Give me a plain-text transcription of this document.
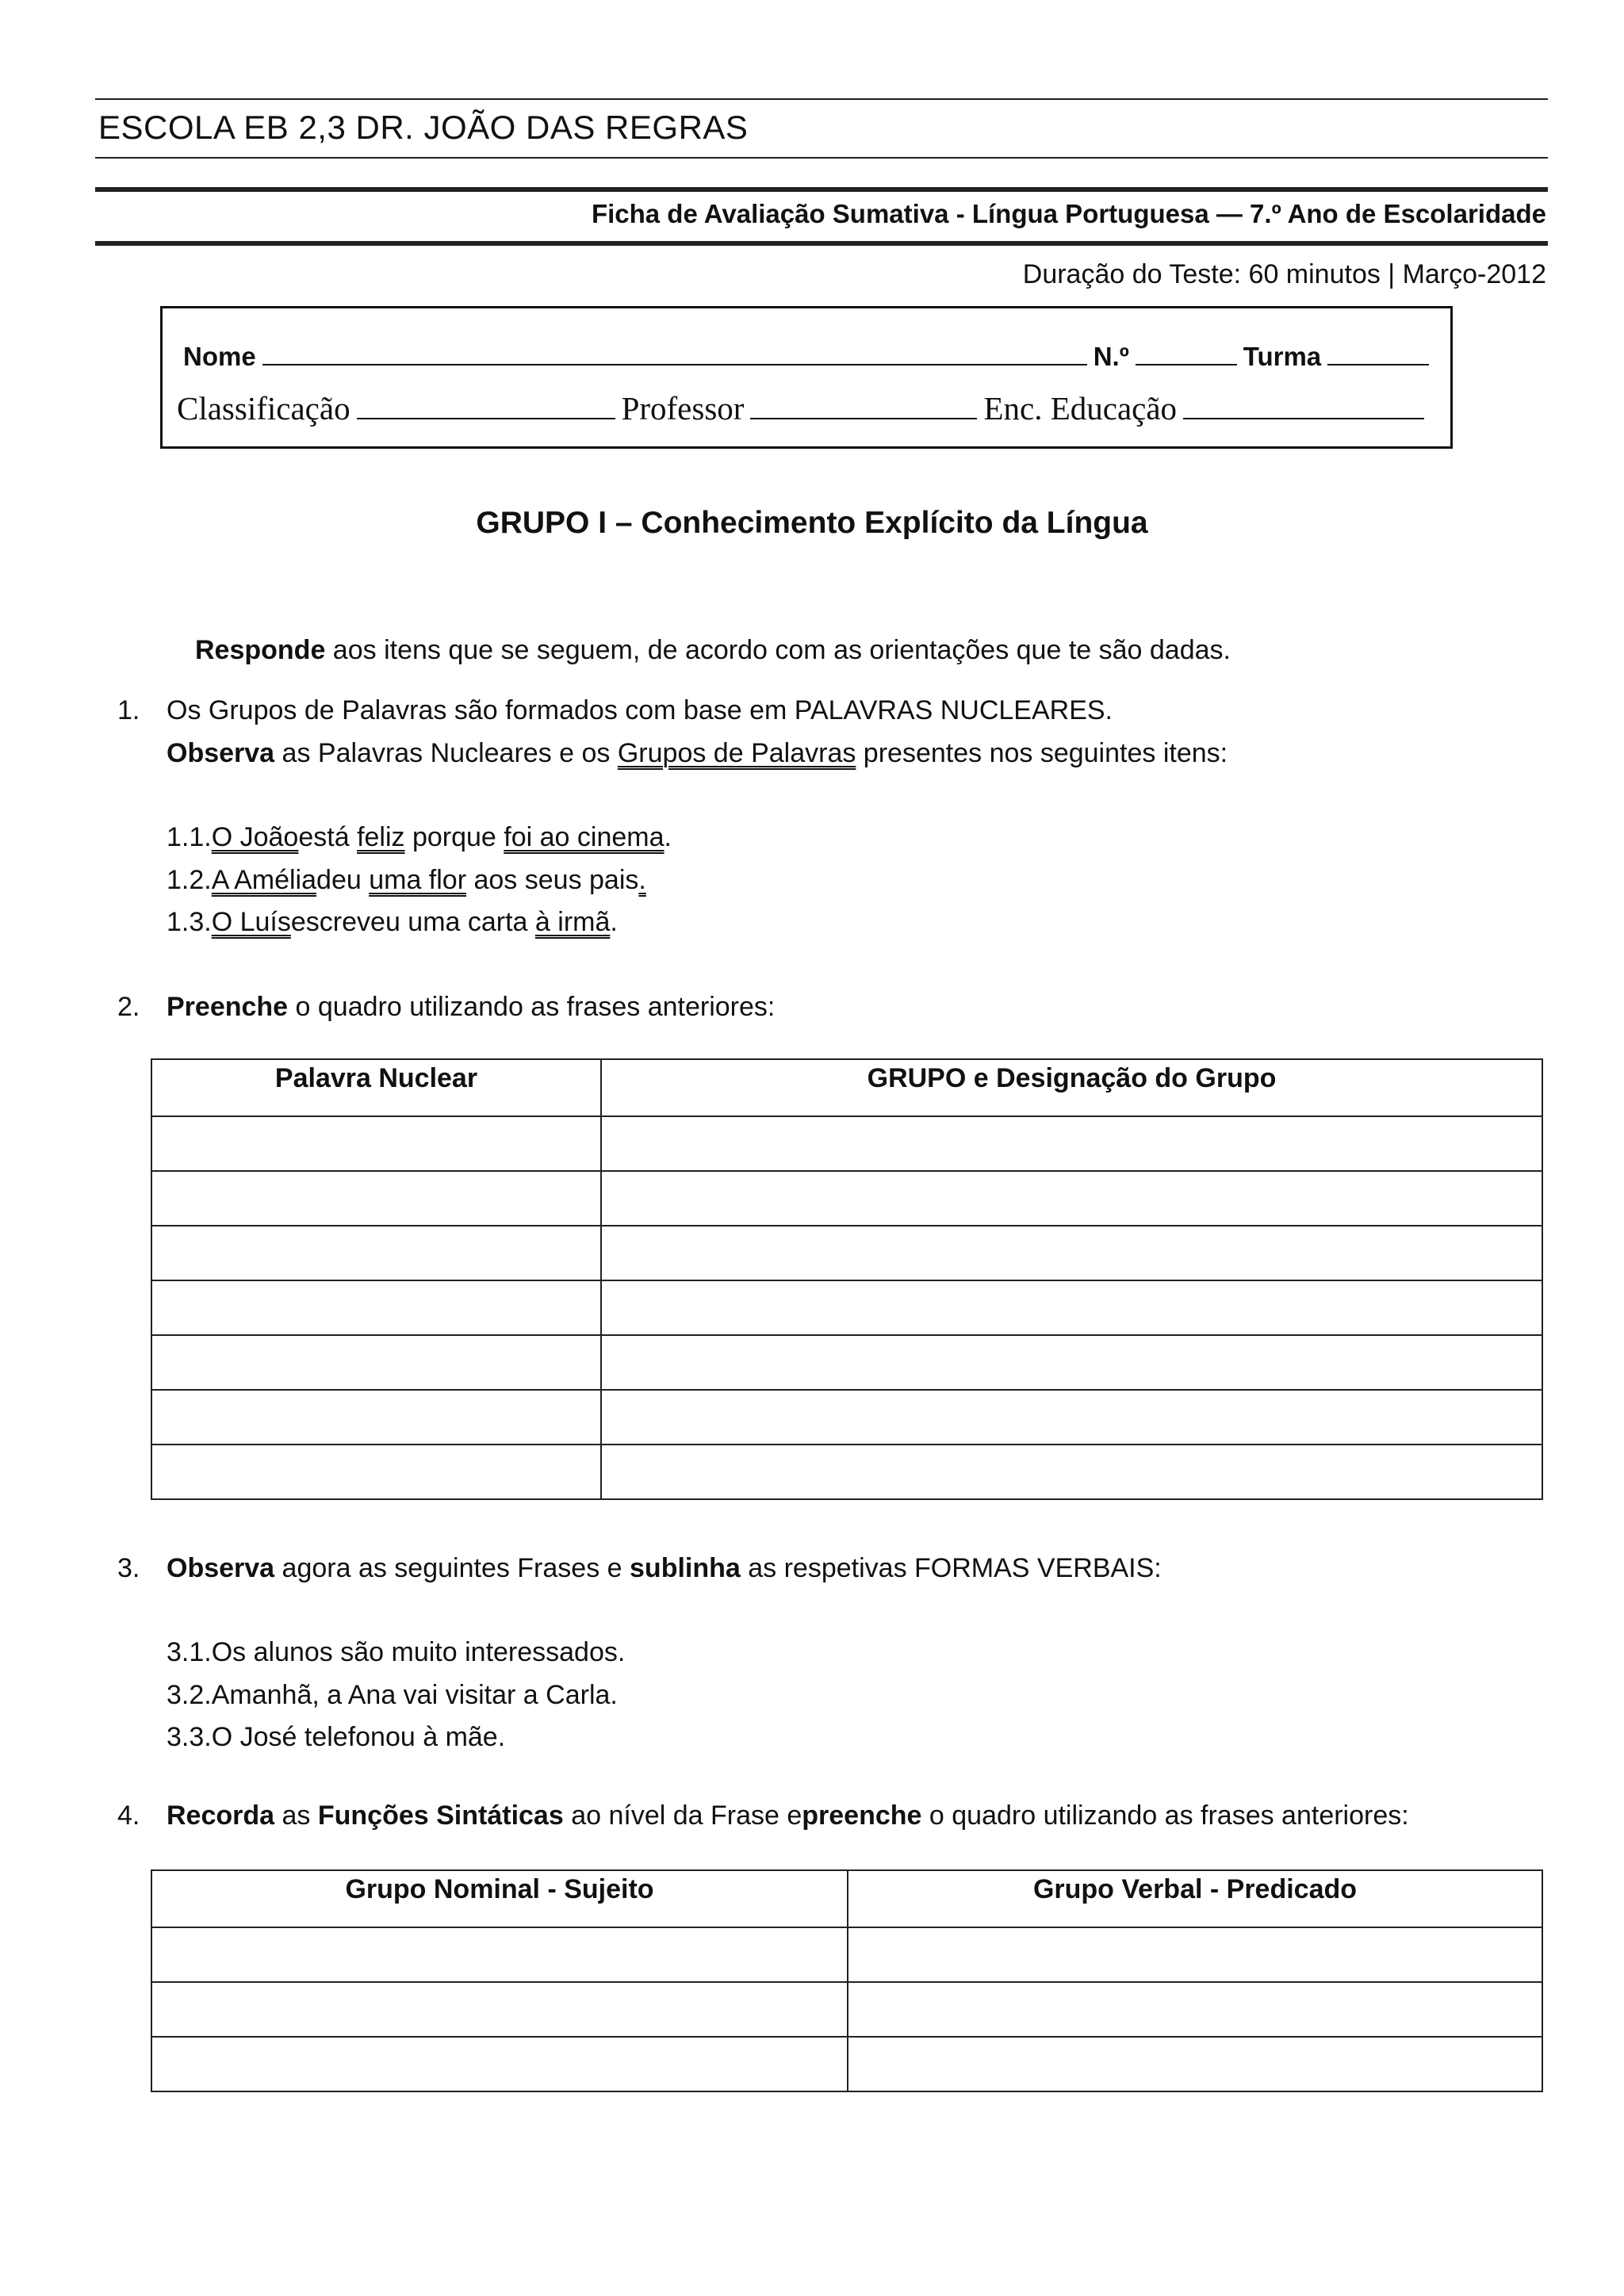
ESCOLA EB 2,3 DR. JOÃO DAS REGRAS
Ficha de Avaliação Sumativa - Língua Portuguesa — 7.º Ano de Escolaridade
Duração do Teste: 60 minutos | Março-2012
Nome	N.º	Turma
Classificação	Professor	Enc. Educação
GRUPO I – Conhecimento Explícito da Língua
Responde aos itens que se seguem, de acordo com as orientações que te são dadas.
1. Os Grupos de Palavras são formados com base em PALAVRAS NUCLEARES.
Observa as Palavras Nucleares e os Grupos de Palavras presentes nos seguintes itens:
1.1.O Joãoestá feliz porque foi ao cinema.
1.2.A Améliadeu uma flor aos seus pais.
1.3.O Luísescreveu uma carta à irmã.
2. Preenche o quadro utilizando as frases anteriores:
Palavra Nuclear	GRUPO e Designação do Grupo

3. Observa agora as seguintes Frases e sublinha as respetivas FORMAS VERBAIS:
3.1.Os alunos são muito interessados.
3.2.Amanhã, a Ana vai visitar a Carla.
3.3.O José telefonou à mãe.
4. Recorda as Funções Sintáticas ao nível da Frase epreenche o quadro utilizando as frases anteriores:
Grupo Nominal - Sujeito	Grupo Verbal - Predicado
